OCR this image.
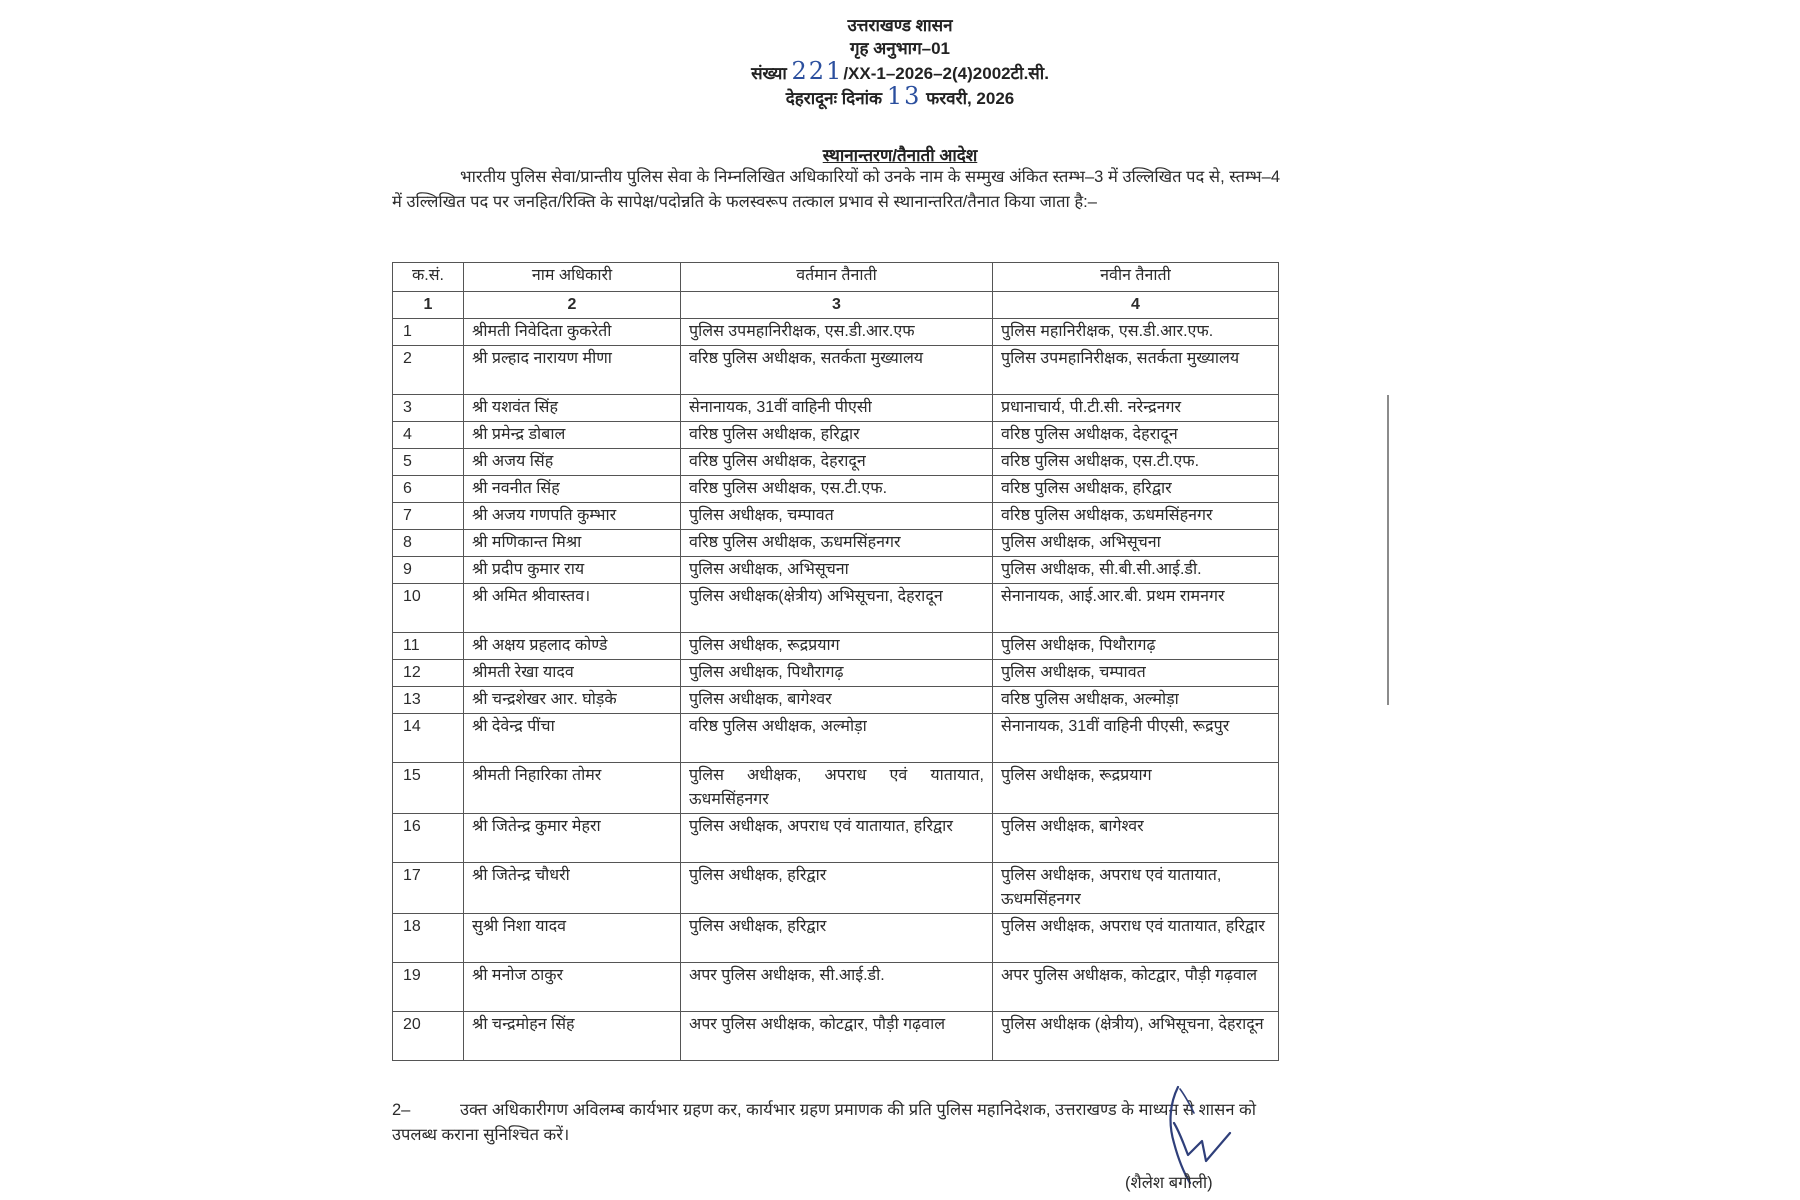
उत्तराखण्ड शासन
गृह अनुभाग–01
संख्या 221/XX-1–2026–2(4)2002टी.सी.
देहरादूनः दिनांक 13 फरवरी, 2026
स्थानान्तरण/तैनाती आदेश

भारतीय पुलिस सेवा/प्रान्तीय पुलिस सेवा के निम्नलिखित अधिकारियों को उनके नाम के सम्मुख अंकित स्तम्भ–3 में उल्लिखित पद से, स्तम्भ–4 में उल्लिखित पद पर जनहित/रिक्ति के सापेक्ष/पदोन्नति के फलस्वरूप तत्काल प्रभाव से स्थानान्तरित/तैनात किया जाता है:–

क.सं.	नाम अधिकारी	वर्तमान तैनाती	नवीन तैनाती
1	2	3	4
1	श्रीमती निवेदिता कुकरेती	पुलिस उपमहानिरीक्षक, एस.डी.आर.एफ	पुलिस महानिरीक्षक, एस.डी.आर.एफ.
2	श्री प्रल्हाद नारायण मीणा	वरिष्ठ पुलिस अधीक्षक, सतर्कता मुख्यालय	पुलिस उपमहानिरीक्षक, सतर्कता मुख्यालय
3	श्री यशवंत सिंह	सेनानायक, 31वीं वाहिनी पीएसी	प्रधानाचार्य, पी.टी.सी. नरेन्द्रनगर
4	श्री प्रमेन्द्र डोबाल	वरिष्ठ पुलिस अधीक्षक, हरिद्वार	वरिष्ठ पुलिस अधीक्षक, देहरादून
5	श्री अजय सिंह	वरिष्ठ पुलिस अधीक्षक, देहरादून	वरिष्ठ पुलिस अधीक्षक, एस.टी.एफ.
6	श्री नवनीत सिंह	वरिष्ठ पुलिस अधीक्षक, एस.टी.एफ.	वरिष्ठ पुलिस अधीक्षक, हरिद्वार
7	श्री अजय गणपति कुम्भार	पुलिस अधीक्षक, चम्पावत	वरिष्ठ पुलिस अधीक्षक, ऊधमसिंहनगर
8	श्री मणिकान्त मिश्रा	वरिष्ठ पुलिस अधीक्षक, ऊधमसिंहनगर	पुलिस अधीक्षक, अभिसूचना
9	श्री प्रदीप कुमार राय	पुलिस अधीक्षक, अभिसूचना	पुलिस अधीक्षक, सी.बी.सी.आई.डी.
10	श्री अमित श्रीवास्तव।	पुलिस अधीक्षक(क्षेत्रीय) अभिसूचना, देहरादून	सेनानायक, आई.आर.बी. प्रथम रामनगर
11	श्री अक्षय प्रहलाद कोण्डे	पुलिस अधीक्षक, रूद्रप्रयाग	पुलिस अधीक्षक, पिथौरागढ़
12	श्रीमती रेखा यादव	पुलिस अधीक्षक, पिथौरागढ़	पुलिस अधीक्षक, चम्पावत
13	श्री चन्द्रशेखर आर. घोड़के	पुलिस अधीक्षक, बागेश्वर	वरिष्ठ पुलिस अधीक्षक, अल्मोड़ा
14	श्री देवेन्द्र पींचा	वरिष्ठ पुलिस अधीक्षक, अल्मोड़ा	सेनानायक, 31वीं वाहिनी पीएसी, रूद्रपुर
15	श्रीमती निहारिका तोमर	पुलिस अधीक्षक, अपराध एवं यातायात, ऊधमसिंहनगर	पुलिस अधीक्षक, रूद्रप्रयाग
16	श्री जितेन्द्र कुमार मेहरा	पुलिस अधीक्षक, अपराध एवं यातायात, हरिद्वार	पुलिस अधीक्षक, बागेश्वर
17	श्री जितेन्द्र चौधरी	पुलिस अधीक्षक, हरिद्वार	पुलिस अधीक्षक, अपराध एवं यातायात, ऊधमसिंहनगर
18	सुश्री निशा यादव	पुलिस अधीक्षक, हरिद्वार	पुलिस अधीक्षक, अपराध एवं यातायात, हरिद्वार
19	श्री मनोज ठाकुर	अपर पुलिस अधीक्षक, सी.आई.डी.	अपर पुलिस अधीक्षक, कोटद्वार, पौड़ी गढ़वाल
20	श्री चन्द्रमोहन सिंह	अपर पुलिस अधीक्षक, कोटद्वार, पौड़ी गढ़वाल	पुलिस अधीक्षक (क्षेत्रीय), अभिसूचना, देहरादून
2–	उक्त अधिकारीगण अविलम्ब कार्यभार ग्रहण कर, कार्यभार ग्रहण प्रमाणक की प्रति पुलिस महानिदेशक, उत्तराखण्ड के माध्यम से शासन को उपलब्ध कराना सुनिश्चित करें।
(शैलेश बगौली)
